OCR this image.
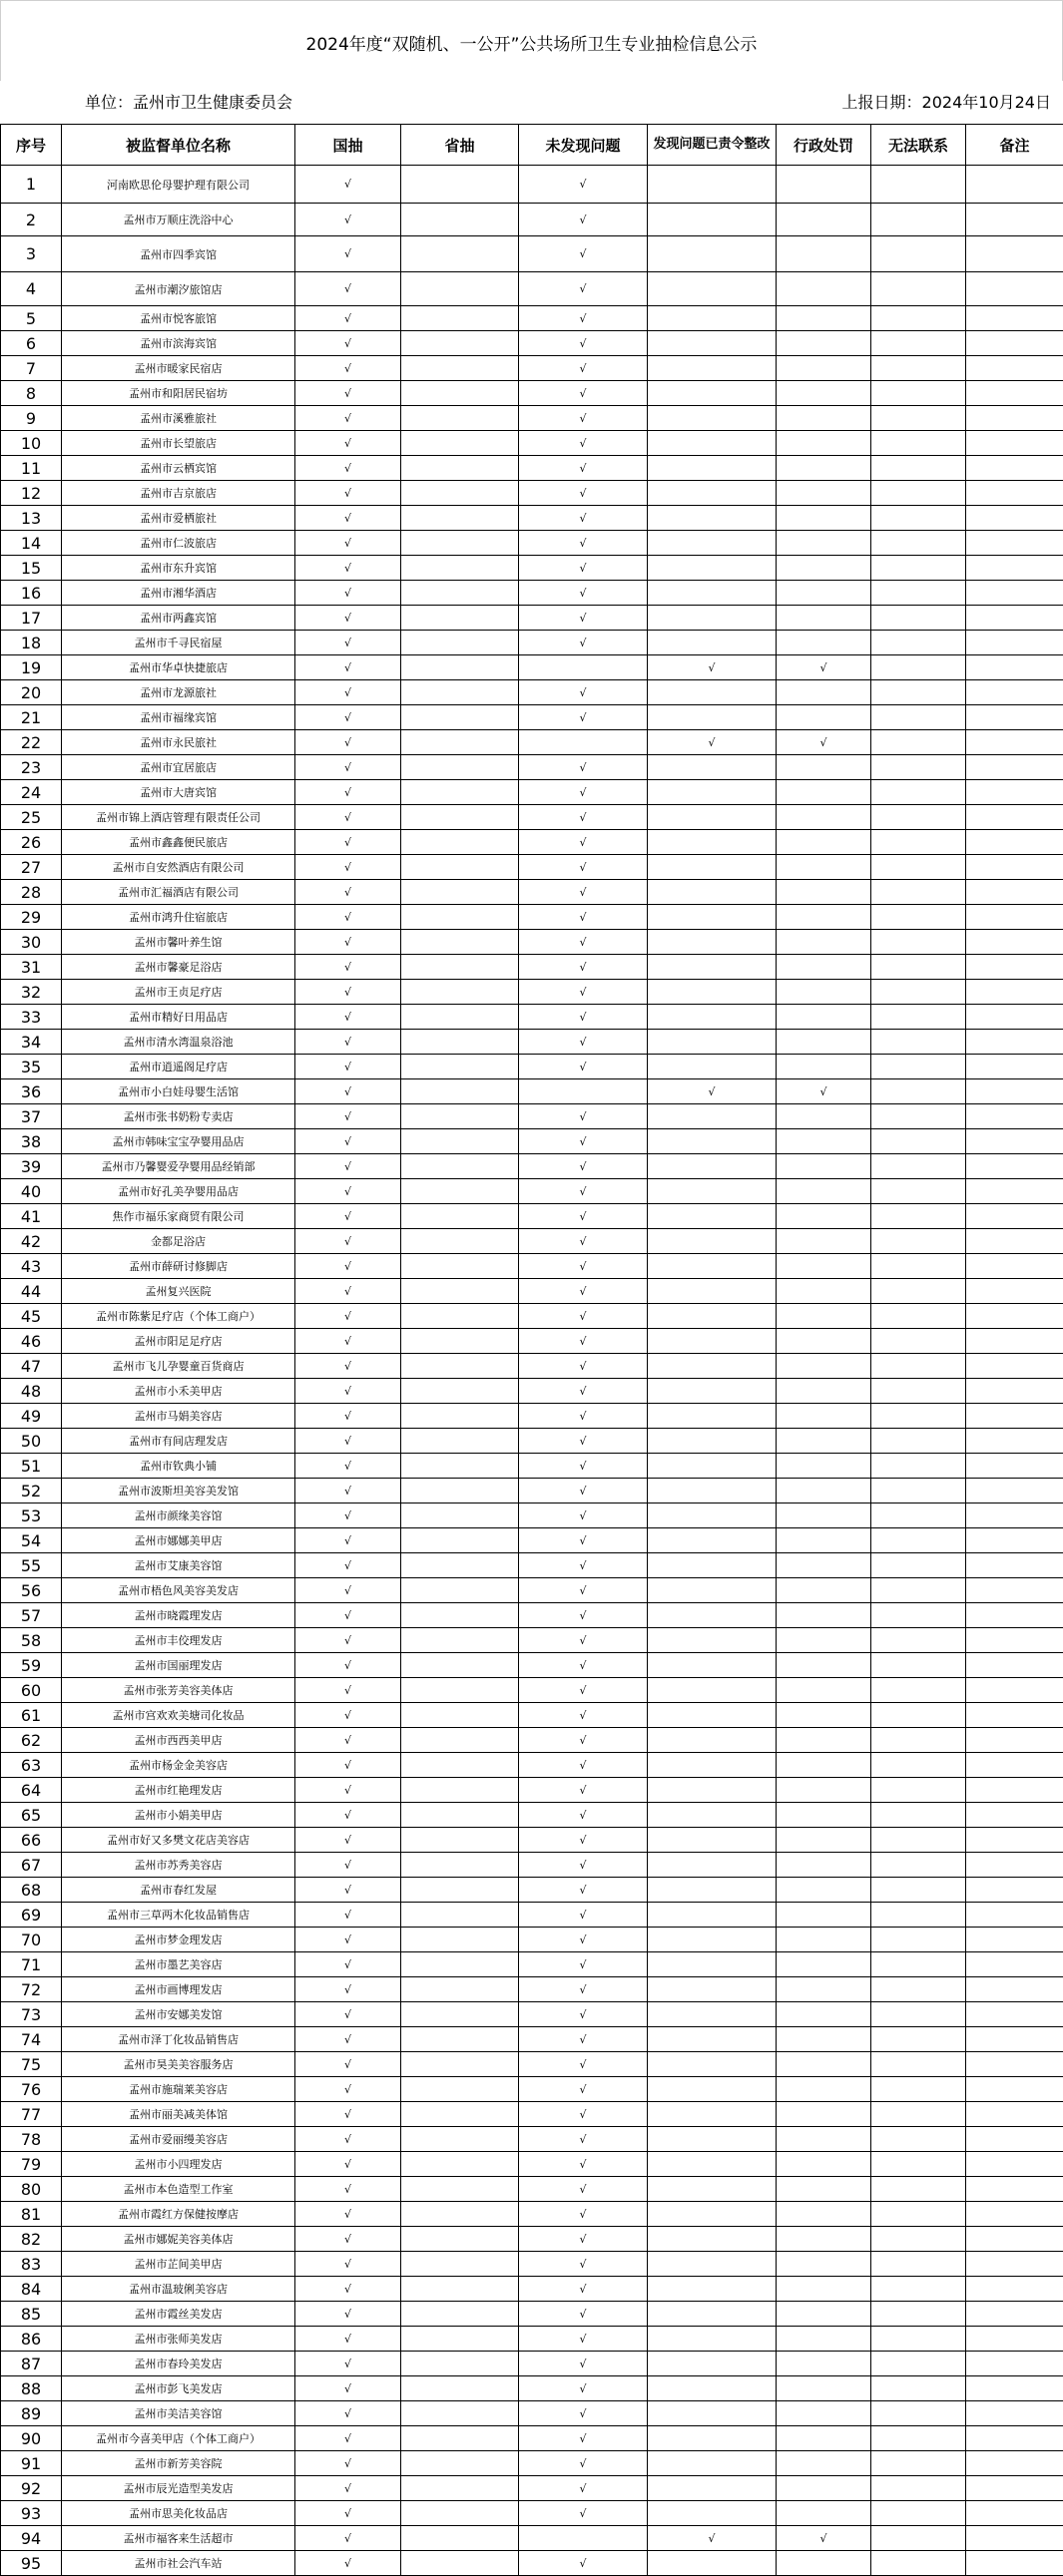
2024年度“双随机、一公开”公共场所卫生专业抽检信息公示
单位：孟州市卫生健康委员会	上报日期：2024年10月24日
序号	被监督单位名称	国抽	省抽	未发现问题	发现问题已责令整改	行政处罚	无法联系	备注
1	河南欧思伦母婴护理有限公司	√		√				
2	孟州市万顺庄洗浴中心	√		√				
3	孟州市四季宾馆	√		√				
4	孟州市潮汐旅馆店	√		√				
5	孟州市悦客旅馆	√		√				
6	孟州市滨海宾馆	√		√				
7	孟州市暖家民宿店	√		√				
8	孟州市和阳居民宿坊	√		√				
9	孟州市溪雅旅社	√		√				
10	孟州市长望旅店	√		√				
11	孟州市云栖宾馆	√		√				
12	孟州市吉京旅店	√		√				
13	孟州市爱栖旅社	√		√				
14	孟州市仁波旅店	√		√				
15	孟州市东升宾馆	√		√				
16	孟州市湘华酒店	√		√				
17	孟州市两鑫宾馆	√		√				
18	孟州市千寻民宿屋	√		√				
19	孟州市华卓快捷旅店	√			√	√		
20	孟州市龙源旅社	√		√				
21	孟州市福缘宾馆	√		√				
22	孟州市永民旅社	√			√	√		
23	孟州市宜居旅店	√		√				
24	孟州市大唐宾馆	√		√				
25	孟州市锦上酒店管理有限责任公司	√		√				
26	孟州市鑫鑫便民旅店	√		√				
27	孟州市自安然酒店有限公司	√		√				
28	孟州市汇福酒店有限公司	√		√				
29	孟州市鸿升住宿旅店	√		√				
30	孟州市馨叶养生馆	√		√				
31	孟州市馨豪足浴店	√		√				
32	孟州市王贞足疗店	√		√				
33	孟州市精好日用品店	√		√				
34	孟州市清水湾温泉浴池	√		√				
35	孟州市逍遥阁足疗店	√		√				
36	孟州市小白娃母婴生活馆	√			√	√		
37	孟州市张书奶粉专卖店	√		√				
38	孟州市韩味宝宝孕婴用品店	√		√				
39	孟州市乃馨婴爱孕婴用品经销部	√		√				
40	孟州市好孔美孕婴用品店	√		√				
41	焦作市福乐家商贸有限公司	√		√				
42	金都足浴店	√		√				
43	孟州市薛研讨修脚店	√		√				
44	孟州复兴医院	√		√				
45	孟州市陈紫足疗店（个体工商户）	√		√				
46	孟州市阳足足疗店	√		√				
47	孟州市飞儿孕婴童百货商店	√		√				
48	孟州市小禾美甲店	√		√				
49	孟州市马娟美容店	√		√				
50	孟州市有间店理发店	√		√				
51	孟州市钦典小铺	√		√				
52	孟州市波斯坦美容美发馆	√		√				
53	孟州市颜缘美容馆	√		√				
54	孟州市娜娜美甲店	√		√				
55	孟州市艾康美容馆	√		√				
56	孟州市梧色风美容美发店	√		√				
57	孟州市晓霞理发店	√		√				
58	孟州市丰佼理发店	√		√				
59	孟州市国丽理发店	√		√				
60	孟州市张芳美容美体店	√		√				
61	孟州市宫欢欢美塘司化妆品	√		√				
62	孟州市西西美甲店	√		√				
63	孟州市杨金金美容店	√		√				
64	孟州市红艳理发店	√		√				
65	孟州市小娟美甲店	√		√				
66	孟州市好又多樊文花店美容店	√		√				
67	孟州市苏秀美容店	√		√				
68	孟州市春红发屋	√		√				
69	孟州市三草两木化妆品销售店	√		√				
70	孟州市梦金理发店	√		√				
71	孟州市墨艺美容店	√		√				
72	孟州市画博理发店	√		√				
73	孟州市安娜美发馆	√		√				
74	孟州市泽丁化妆品销售店	√		√				
75	孟州市昊美美容服务店	√		√				
76	孟州市施瑞莱美容店	√		√				
77	孟州市丽美减美体馆	√		√				
78	孟州市爱丽缦美容店	√		√				
79	孟州市小四理发店	√		√				
80	孟州市本色造型工作室	√		√				
81	孟州市霞红方保健按摩店	√		√				
82	孟州市娜妮美容美体店	√		√				
83	孟州市芷间美甲店	√		√				
84	孟州市温玻俐美容店	√		√				
85	孟州市霞丝美发店	√		√				
86	孟州市张师美发店	√		√				
87	孟州市春玲美发店	√		√				
88	孟州市彭飞美发店	√		√				
89	孟州市美洁美容馆	√		√				
90	孟州市今喜美甲店（个体工商户）	√		√				
91	孟州市新芳美容院	√		√				
92	孟州市辰光造型美发店	√		√				
93	孟州市思美化妆品店	√		√				
94	孟州市福客来生活超市	√			√	√		
95	孟州市社会汽车站	√		√				
